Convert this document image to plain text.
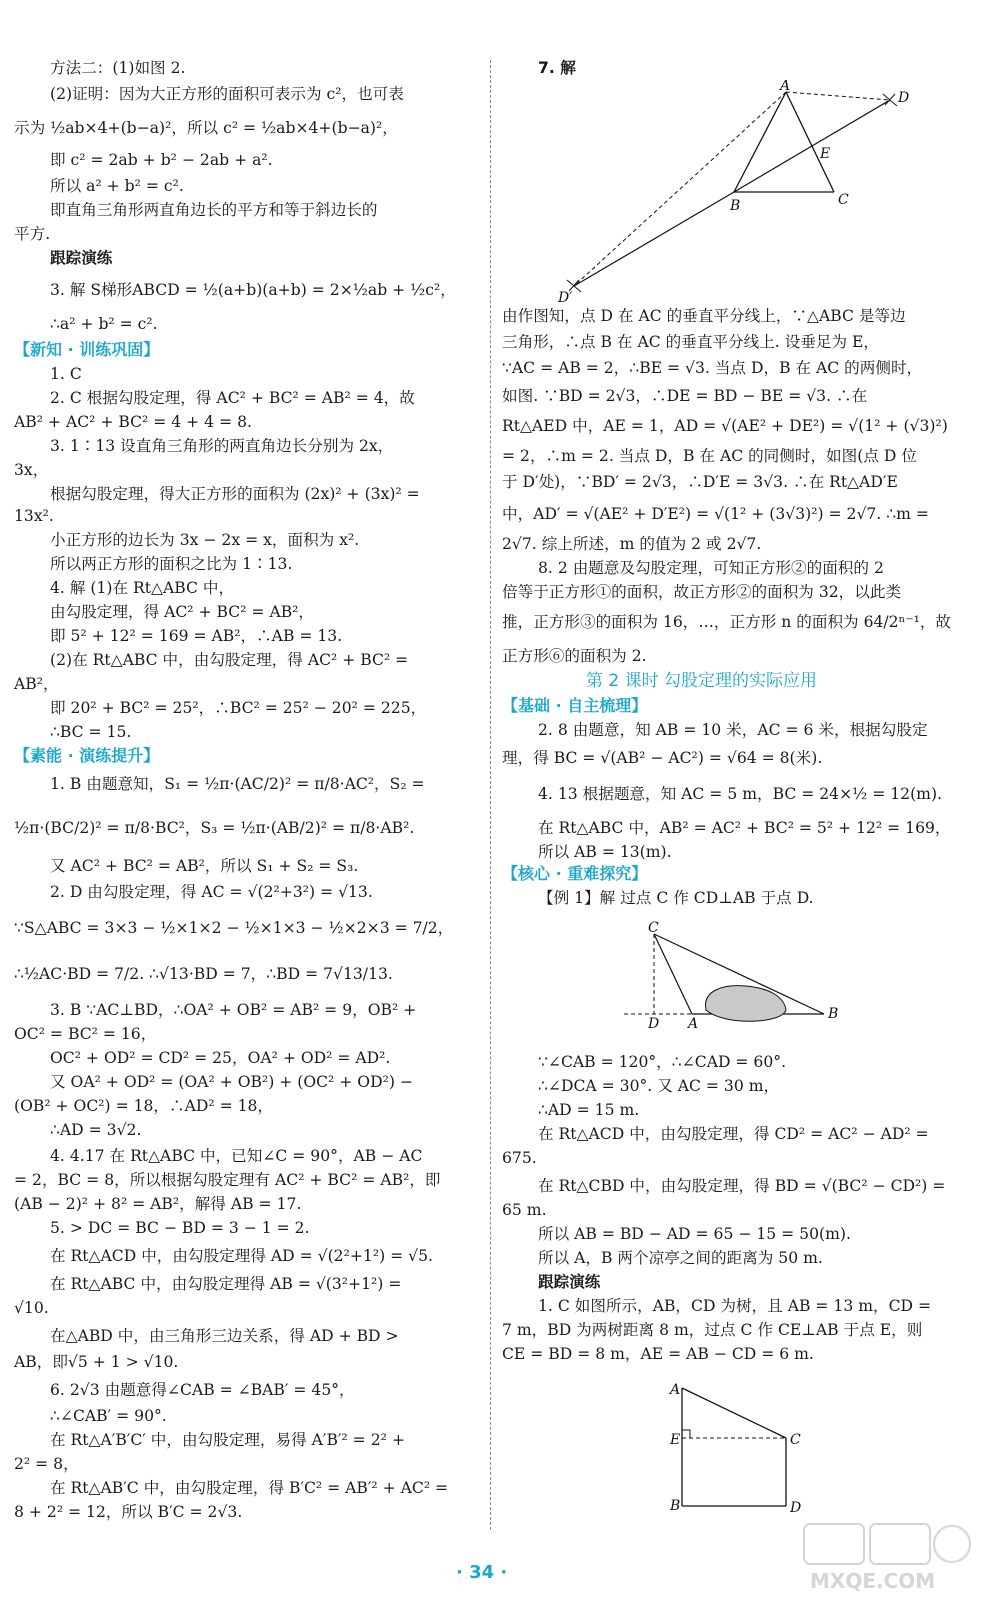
方法二：(1)如图 2.
(2)证明：因为大正方形的面积可表示为 c²，也可表
示为 ½ab×4+(b−a)²，所以 c² = ½ab×4+(b−a)²，
即 c² = 2ab + b² − 2ab + a².
所以 a² + b² = c².
即直角三角形两直角边长的平方和等于斜边长的
平方.
跟踪演练
3. 解 S梯形ABCD = ½(a+b)(a+b) = 2×½ab + ½c²，
∴a² + b² = c².
【新知 · 训练巩固】
1. C
2. C 根据勾股定理，得 AC² + BC² = AB² = 4，故
AB² + AC² + BC² = 4 + 4 = 8.
3. 1∶13 设直角三角形的两直角边长分别为 2x，
3x，
根据勾股定理，得大正方形的面积为 (2x)² + (3x)² =
13x².
小正方形的边长为 3x − 2x = x，面积为 x².
所以两正方形的面积之比为 1∶13.
4. 解 (1)在 Rt△ABC 中，
由勾股定理，得 AC² + BC² = AB²，
即 5² + 12² = 169 = AB²，∴AB = 13.
(2)在 Rt△ABC 中，由勾股定理，得 AC² + BC² =
AB²，
即 20² + BC² = 25²，∴BC² = 25² − 20² = 225，
∴BC = 15.
【素能 · 演练提升】
1. B 由题意知，S₁ = ½π·(AC/2)² = π/8·AC²，S₂ =
½π·(BC/2)² = π/8·BC²，S₃ = ½π·(AB/2)² = π/8·AB².
又 AC² + BC² = AB²，所以 S₁ + S₂ = S₃.
2. D 由勾股定理，得 AC = √(2²+3²) = √13.
∵S△ABC = 3×3 − ½×1×2 − ½×1×3 − ½×2×3 = 7/2，
∴½AC·BD = 7/2. ∴√13·BD = 7，∴BD = 7√13/13.
3. B ∵AC⊥BD，∴OA² + OB² = AB² = 9，OB² +
OC² = BC² = 16，
OC² + OD² = CD² = 25，OA² + OD² = AD².
又 OA² + OD² = (OA² + OB²) + (OC² + OD²) −
(OB² + OC²) = 18，∴AD² = 18，
∴AD = 3√2.
4. 4.17 在 Rt△ABC 中，已知∠C = 90°，AB − AC
= 2，BC = 8，所以根据勾股定理有 AC² + BC² = AB²，即
(AB − 2)² + 8² = AB²，解得 AB = 17.
5. > DC = BC − BD = 3 − 1 = 2.
在 Rt△ACD 中，由勾股定理得 AD = √(2²+1²) = √5.
在 Rt△ABC 中，由勾股定理得 AB = √(3²+1²) =
√10.
在△ABD 中，由三角形三边关系，得 AD + BD >
AB，即√5 + 1 > √10.
6. 2√3 由题意得∠CAB = ∠BAB′ = 45°，
∴∠CAB′ = 90°.
在 Rt△A′B′C′ 中，由勾股定理，易得 A′B′² = 2² +
2² = 8，
在 Rt△AB′C 中，由勾股定理，得 B′C² = AB′² + AC² =
8 + 2² = 12，所以 B′C = 2√3.
7. 解
A
D
E
B	C
D′
由作图知，点 D 在 AC 的垂直平分线上，∵△ABC 是等边
三角形，∴点 B 在 AC 的垂直平分线上. 设垂足为 E，
∵AC = AB = 2，∴BE = √3. 当点 D，B 在 AC 的两侧时，
如图. ∵BD = 2√3，∴DE = BD − BE = √3. ∴在
Rt△AED 中，AE = 1，AD = √(AE² + DE²) = √(1² + (√3)²)
= 2，∴m = 2. 当点 D，B 在 AC 的同侧时，如图(点 D 位
于 D′处)，∵BD′ = 2√3，∴D′E = 3√3. ∴在 Rt△AD′E
中，AD′ = √(AE² + D′E²) = √(1² + (3√3)²) = 2√7. ∴m =
2√7. 综上所述，m 的值为 2 或 2√7.
8. 2 由题意及勾股定理，可知正方形②的面积的 2
倍等于正方形①的面积，故正方形②的面积为 32，以此类
推，正方形③的面积为 16，…，正方形 n 的面积为 64/2ⁿ⁻¹，故
正方形⑥的面积为 2.
第 2 课时 勾股定理的实际应用
【基础 · 自主梳理】
2. 8 由题意，知 AB = 10 米，AC = 6 米，根据勾股定
理，得 BC = √(AB² − AC²) = √64 = 8(米).
4. 13 根据题意，知 AC = 5 m，BC = 24×½ = 12(m).
在 Rt△ABC 中，AB² = AC² + BC² = 5² + 12² = 169，
所以 AB = 13(m).
【核心 · 重难探究】
【例 1】解 过点 C 作 CD⊥AB 于点 D.
C
D A
B
∵∠CAB = 120°，∴∠CAD = 60°.
∴∠DCA = 30°. 又 AC = 30 m，
∴AD = 15 m.
在 Rt△ACD 中，由勾股定理，得 CD² = AC² − AD² =
675.
在 Rt△CBD 中，由勾股定理，得 BD = √(BC² − CD²) =
65 m.
所以 AB = BD − AD = 65 − 15 = 50(m).
所以 A，B 两个凉亭之间的距离为 50 m.
跟踪演练
1. C 如图所示，AB，CD 为树，且 AB = 13 m，CD =
7 m，BD 为两树距离 8 m，过点 C 作 CE⊥AB 于点 E，则
CE = BD = 8 m，AE = AB − CD = 6 m.
A
E	C
B	D
· 34 ·	MXQE.COM
